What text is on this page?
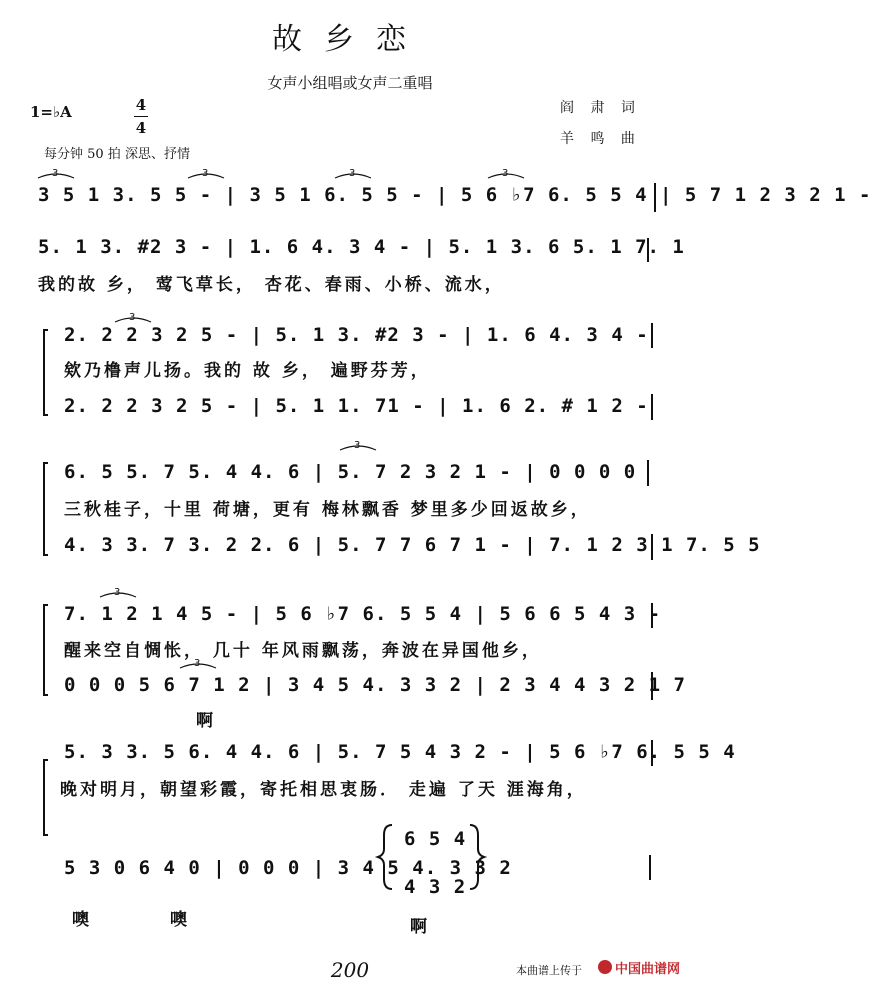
故乡恋
女声小组唱或女声二重唱
1=♭A	4
4
阎 肃 词
羊 鸣 曲
每分钟 50 拍 深思、抒情
3	3	3	3
3
3
3
3
3 5 1 3. 5 5 - | 3 5 1 6. 5 5 - | 5 6 ♭7 6. 5 5 4 | 5 7 1 2 3 2 1 -
5. 1 3. #2 3 - | 1. 6 4. 3 4 - | 5. 1 3. 6 5. 1 7. 1
我的故 乡， 莺飞草长， 杏花、春雨、小桥、流水，
2. 2 2 3 2 5 - | 5. 1 3. #2 3 - | 1. 6 4. 3 4 -
欸乃橹声儿扬。我的 故 乡， 遍野芬芳，
2. 2 2 3 2 5 - | 5. 1 1. 71 - | 1. 6 2. # 1 2 -
6. 5 5. 7 5. 4 4. 6 | 5. 7 2 3 2 1 - | 0 0 0 0
三秋桂子，十里 荷塘，更有 梅林飘香 梦里多少回返故乡，
4. 3 3. 7 3. 2 2. 6 | 5. 7 7 6 7 1 - | 7. 1 2 3 1 7. 5 5
7. 1 2 1 4 5 - | 5 6 ♭7 6. 5 5 4 | 5 6 6 5 4 3 -
醒来空自惆怅， 几十 年风雨飘荡，奔波在异国他乡，
0 0 0 5 6 7 1 2 | 3 4 5 4. 3 3 2 | 2 3 4 4 3 2 1 7
啊
5. 3 3. 5 6. 4 4. 6 | 5. 7 5 4 3 2 - | 5 6 ♭7 6. 5 5 4
晚对明月，朝望彩霞，寄托相思衷肠． 走遍 了天 涯海角，
5 3 0 6 4 0 | 0 0 0 | 3 4 5 4. 3 3 2
6 5 4
4 3 2
噢	噢	啊
200	本曲谱上传于	中国曲谱网
